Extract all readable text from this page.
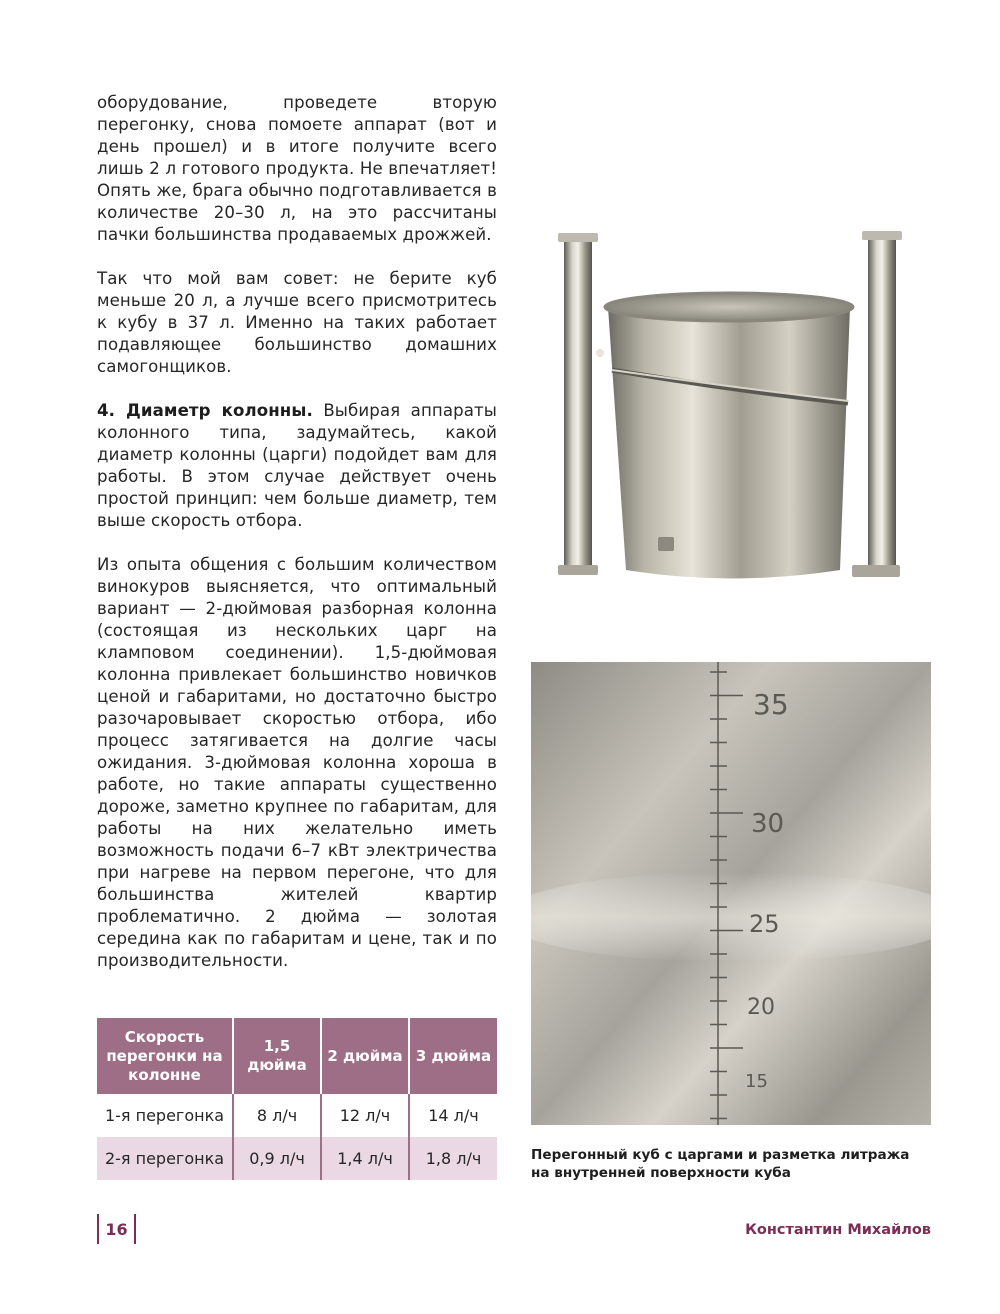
оборудование, проведете вторую перегонку, снова помоете аппарат (вот и день прошел) и в итоге получите всего лишь 2 л готового продукта. Не впечатляет! Опять же, брага обычно подготавливается в количестве 20–30 л, на это рассчитаны пачки большинства продаваемых дрожжей.

Так что мой вам совет: не берите куб меньше 20 л, а лучше всего присмотритесь к кубу в 37 л. Именно на таких работает подавляющее большинство домашних самогонщиков.

4. Диаметр колонны. Выбирая аппараты колонного типа, задумайтесь, какой диаметр колонны (царги) подойдет вам для работы. В этом случае действует очень простой принцип: чем больше диаметр, тем выше скорость отбора.

Из опыта общения с большим количеством винокуров выясняется, что оптимальный вариант — 2-дюймовая разборная колонна (состоящая из нескольких царг на кламповом соединении). 1,5-дюймовая колонна привлекает большинство новичков ценой и габаритами, но достаточно быстро разочаровывает скоростью отбора, ибо процесс затягивается на долгие часы ожидания. 3-дюймовая колонна хороша в работе, но такие аппараты существенно дороже, заметно крупнее по габаритам, для работы на них желательно иметь возможность подачи 6–7 кВт электричества при нагреве на первом перегоне, что для большинства жителей квартир проблематично. 2 дюйма — золотая середина как по габаритам и цене, так и по производительности.

Скорость перегонки на колонне	1,5 дюйма	2 дюйма	3 дюйма
1-я перегонка	8 л/ч	12 л/ч	14 л/ч
2-я перегонка	0,9 л/ч	1,4 л/ч	1,8 л/ч
35
30
25
20
15
Перегонный куб с царгами и разметка литража на внутренней поверхности куба
16	Константин Михайлов
